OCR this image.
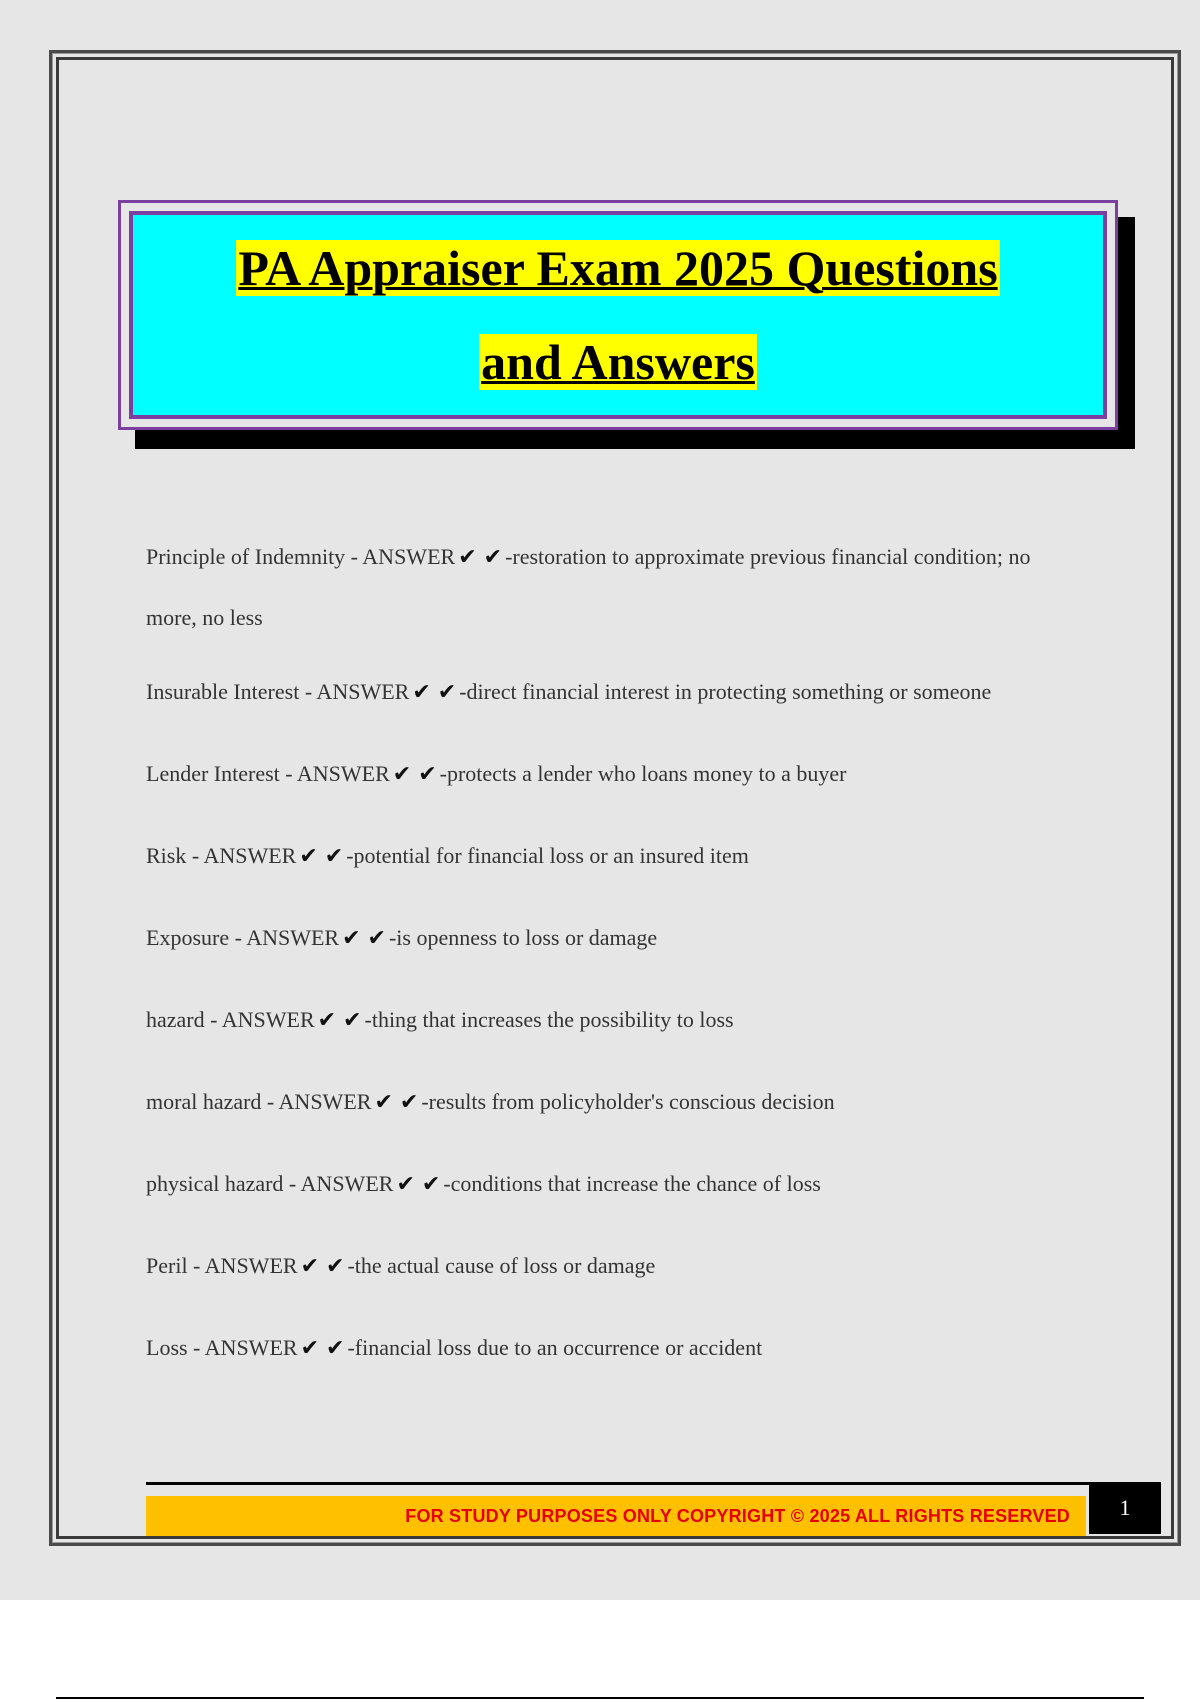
PA Appraiser Exam 2025 Questions
and Answers
Principle of Indemnity - ANSWER ✔ ✔ -restoration to approximate previous financial condition; no more, no less
Insurable Interest - ANSWER ✔ ✔ -direct financial interest in protecting something or someone
Lender Interest - ANSWER ✔ ✔ -protects a lender who loans money to a buyer
Risk - ANSWER ✔ ✔ -potential for financial loss or an insured item
Exposure - ANSWER ✔ ✔ -is openness to loss or damage
hazard - ANSWER ✔ ✔ -thing that increases the possibility to loss
moral hazard - ANSWER ✔ ✔ -results from policyholder's conscious decision
physical hazard - ANSWER ✔ ✔ -conditions that increase the chance of loss
Peril - ANSWER ✔ ✔ -the actual cause of loss or damage
Loss - ANSWER ✔ ✔ -financial loss due to an occurrence or accident
FOR STUDY PURPOSES ONLY COPYRIGHT © 2025 ALL RIGHTS RESERVED	1
